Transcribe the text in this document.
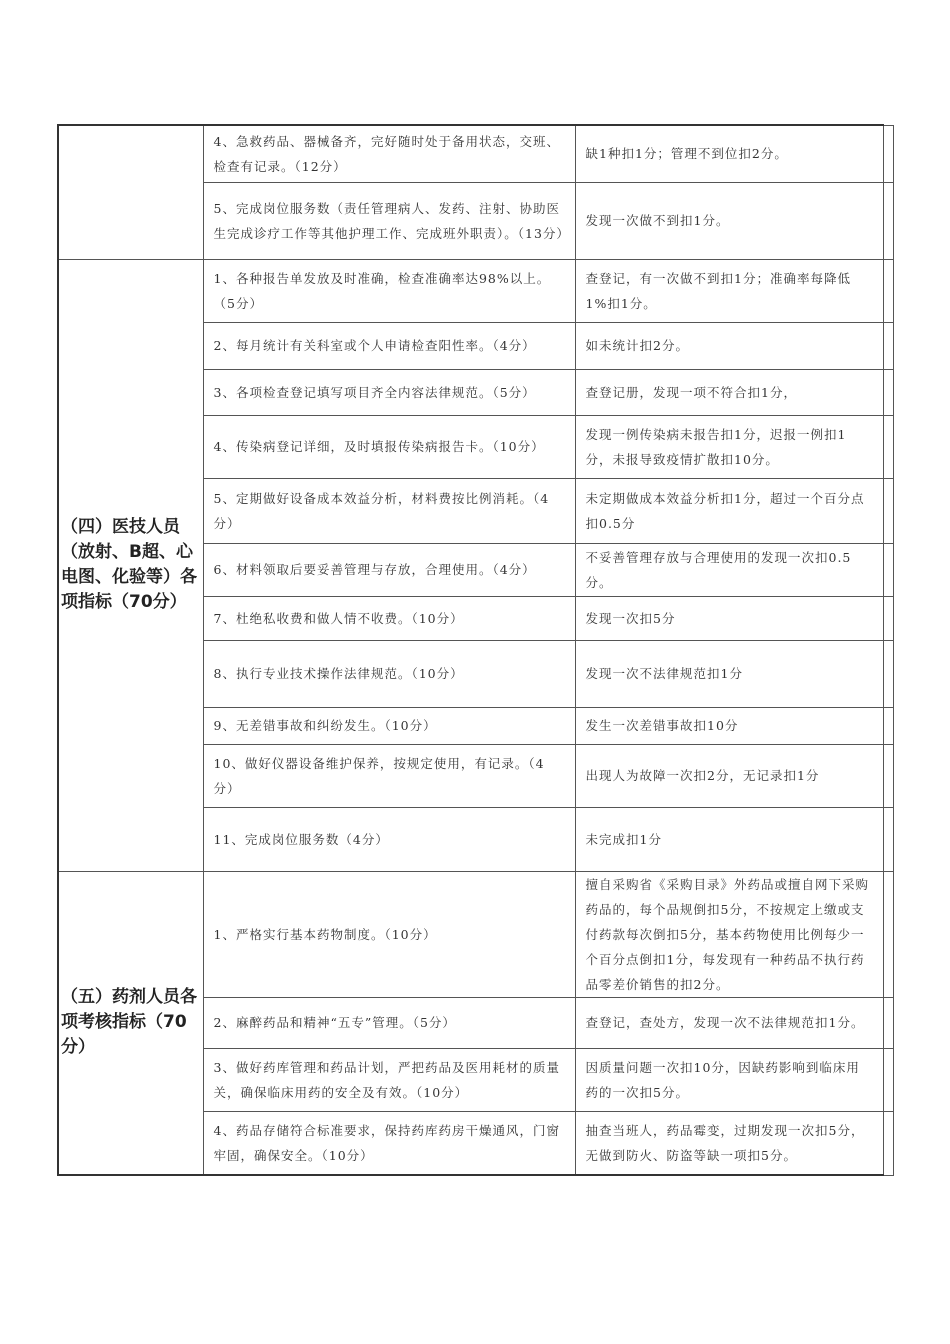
	4、急救药品、器械备齐，完好随时处于备用状态，交班、检查有记录。（12分）	缺1种扣1分；管理不到位扣2分。	
	5、完成岗位服务数（责任管理病人、发药、注射、协助医生完成诊疗工作等其他护理工作、完成班外职责）。（13分）	发现一次做不到扣1分。	

（四）医技人员（放射、B超、心电图、化验等）各项指标（70分）	1、各种报告单发放及时准确，检查准确率达98%以上。（5分）	查登记，有一次做不到扣1分；准确率每降低1%扣1分。	
	2、每月统计有关科室或个人申请检查阳性率。（4分）	如未统计扣2分。	
	3、各项检查登记填写项目齐全内容法律规范。（5分）	查登记册，发现一项不符合扣1分，	
	4、传染病登记详细，及时填报传染病报告卡。（10分）	发现一例传染病未报告扣1分，迟报一例扣1分，未报导致疫情扩散扣10分。	
	5、定期做好设备成本效益分析，材料费按比例消耗。（4分）	未定期做成本效益分析扣1分，超过一个百分点扣0.5分	
	6、材料领取后要妥善管理与存放，合理使用。（4分）	不妥善管理存放与合理使用的发现一次扣0.5分。	
	7、杜绝私收费和做人情不收费。（10分）	发现一次扣5分	
	8、执行专业技术操作法律规范。（10分）	发现一次不法律规范扣1分	
	9、无差错事故和纠纷发生。（10分）	发生一次差错事故扣10分	
	10、做好仪器设备维护保养，按规定使用，有记录。（4分）	出现人为故障一次扣2分，无记录扣1分	
	11、完成岗位服务数（4分）	未完成扣1分	

（五）药剂人员各项考核指标（70分）	1、严格实行基本药物制度。（10分）	擅自采购省《采购目录》外药品或擅自网下采购药品的，每个品规倒扣5分，不按规定上缴或支付药款每次倒扣5分，基本药物使用比例每少一个百分点倒扣1分，每发现有一种药品不执行药品零差价销售的扣2分。	
	2、麻醉药品和精神“五专”管理。（5分）	查登记，查处方，发现一次不法律规范扣1分。	
	3、做好药库管理和药品计划，严把药品及医用耗材的质量关，确保临床用药的安全及有效。（10分）	因质量问题一次扣10分，因缺药影响到临床用药的一次扣5分。	
	4、药品存储符合标准要求，保持药库药房干燥通风，门窗牢固，确保安全。（10分）	抽查当班人，药品霉变，过期发现一次扣5分，无做到防火、防盗等缺一项扣5分。	
